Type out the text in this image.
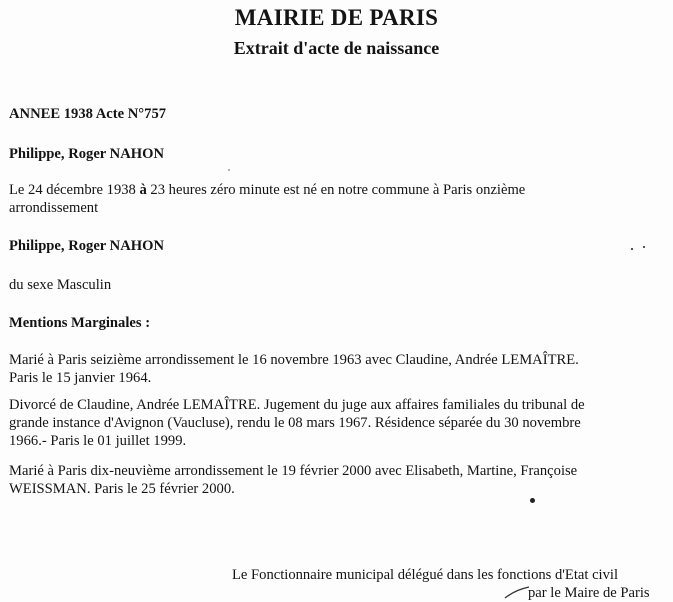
MAIRIE DE PARIS
Extrait d'acte de naissance
ANNEE 1938 Acte N°757
Philippe, Roger NAHON
Le 24 décembre 1938 à 23 heures zéro minute est né en notre commune à Paris onzième
arrondissement
Philippe, Roger NAHON
du sexe Masculin
Mentions Marginales :
Marié à Paris seizième arrondissement le 16 novembre 1963 avec Claudine, Andrée LEMAÎTRE.
Paris le 15 janvier 1964.
Divorcé de Claudine, Andrée LEMAÎTRE. Jugement du juge aux affaires familiales du tribunal de
grande instance d'Avignon (Vaucluse), rendu le 08 mars 1967. Résidence séparée du 30 novembre
1966.- Paris le 01 juillet 1999.
Marié à Paris dix-neuvième arrondissement le 19 février 2000 avec Elisabeth, Martine, Françoise
WEISSMAN. Paris le 25 février 2000.
Le Fonctionnaire municipal délégué dans les fonctions d'Etat civil
par le Maire de Paris
